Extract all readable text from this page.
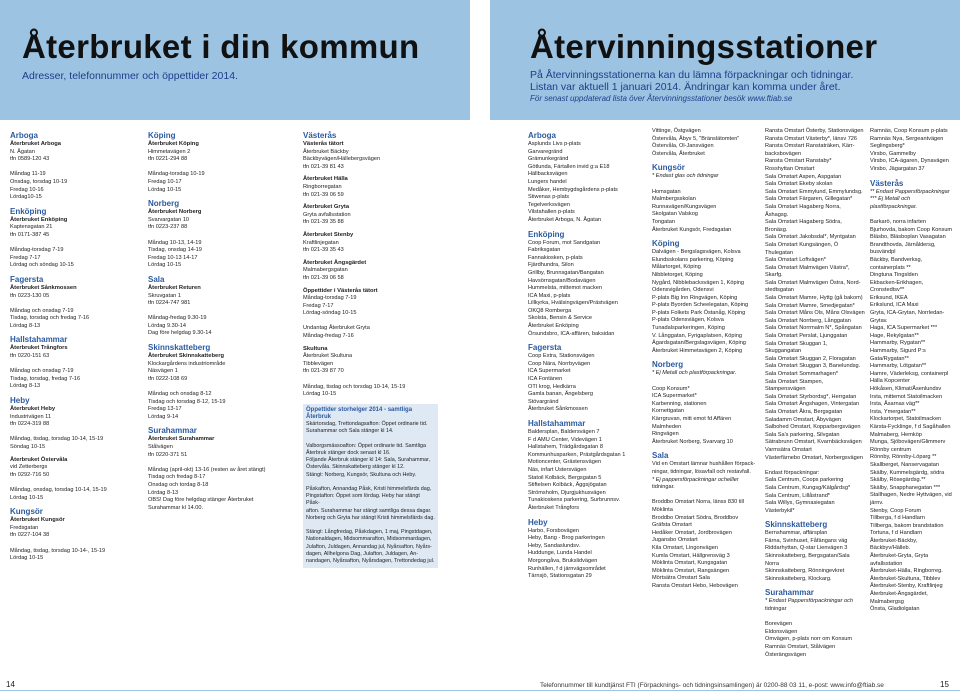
Återbruket i din kommun
Adresser, telefonnummer och öppettider 2014.
Återvinningsstationer
På Återvinningsstationerna kan du lämna förpackningar och tidningar.
Listan var aktuell 1 januari 2014. Ändringar kan komma under året.
För senast uppdaterad lista över Återvinningsstationer besök www.ftiab.se
Arboga
Återbruket Arboga

N. Ågatan

tfn 0589-120 43

Måndag 11-19

Onsdag, torsdag 10-19

Fredag 10-16

Lördag10-15

Enköping
Återbruket Enköping

Kaptensgatan 21

tfn 0171-387 45

Måndag-torsdag 7-19

Fredag 7-17

Lördag och söndag 10-15

Fagersta
Återbruket Sånkmossen

tfn 0223-130 05

Måndag och onsdag 7-19

Tisdag, torsdag och fredag 7-16

Lördag 8-13

Hallstahammar
Återbruket Trångfors

tfn 0220-151 63

Måndag och onsdag 7-19

Tisdag, torsdag, fredag 7-16

Lördag 8-13

Heby
Återbruket Heby

Industrivägen 11

tfn 0224-319 88

Måndag, tisdag, torsdag 10-14, 15-19

Söndag 10-15

Återbruket Östervåla

vid Zetterbergs

tfn 0292-716 50

Måndag, onsdag, torsdag 10-14, 15-19

Lördag 10-15

Kungsör
Återbruket Kungsör

Fredsgatan

tfn 0227-104 38

Måndag, tisdag, torsdag 10-14-, 15-19

Lördag 10-15

Köping
Återbruket Köping

Himmetavägen 2

tfn 0221-294 88

Måndag-torsdag 10-19

Fredag 10-17

Lördag 10-15

Norberg
Återbruket Norberg

Svarvargatan 10

tfn 0223-237 88

Måndag 10-13, 14-19

Tisdag, onsdag 14-19

Fredag 10-13 14-17

Lördag 10-15

Sala
Återbruket Returen

Skruvgatan 1

tfn 0224-747 981

Måndag-fredag 9.30-19

Lördag 9.30-14

Dag före helgdag 9.30-14

Skinnskatteberg
Återbruket Skinnskatteberg

Klockargårdens industriområde

Näsvägen 1

tfn 0222-108 69

Måndag och onsdag 8-12

Tisdag och torsdag 8-12, 15-19

Fredag 13-17

Lördag 9-14

Surahammar
Återbruket Surahammar

Stålvägen

tfn 0220-371 51

Måndag (april-okt) 13-16 (resten av året stängt)

Tisdag och fredag 8-17

Onsdag och tordag 8-18

Lördag 8-13

OBS! Dag före helgdag stänger Återbruket

Surahammar kl 14.00.

Västerås
Västerås tätort

Återbruket Bäckby

Bäckbyvägen/Hällebergsvägen

tfn 021-39 81 43

Återbruket Hälla

Ringborregatan

tfn 021-39 06 59

Återbruket Gryta

Gryta avfallsstation

tfn 021-39 35 88

Återbruket Stenby

Kraftlinjegatan

tfn 021-39 35 43

Återbruket Ängsgärdet

Malmabergsgatan

tfn 021-39 06 58

Öppettider i Västerås tätort

Måndag-torsdag 7-19

Fredag 7-17

Lördag-söndag 10-15

Undantag Återbruket Gryta

Måndag-fredag 7-16

Skultuna

Återbruket Skultuna

Tibblevägen

tfn 021-39 87 70

Måndag, tisdag och torsdag 10-14, 15-19

Lördag 10-15

Öppettider storhelger 2014 - samtliga Återbruk

Skärtorsdag, Trettondagsafton: Öppet ordinarie tid.

Surahammar och Sala stänger kl 14.

Valborgsmässoafton: Öppet ordinarie tid. Samtliga

Återbruk stänger dock senast kl 16.

Följande Återbruk stänger kl 14: Sala, Surahammar,

Östervåla. Skinnskatteberg stänger kl 12.

Stängt: Norberg, Kungsör, Skultuna och Heby.

Påskafton, Annandag Påsk, Kristi himmelsfärds dag,

Pingstafton: Öppet som lördag. Heby har stängt Påsk-

afton. Surahammar har stängt samtliga dessa dagar.

Norberg och Gryta har stängt Kristi himmelsfärds dag.

Stängt: Långfredag, Påskdagen, 1 maj, Pingstdagen,

Nationaldagen, Midsommarafton, Midsommardagen,

Julafton, Juldagen, Annandag jul, Nyårsafton, Nyårs-

dagen, Allhelgona Dag, Julafton, Juldagen, An-

nandagen, Nyårsafton, Nyårsdagen, Trettondedag jul.

Arboga

Asplunds Livs p-plats

Garvaregränd

Grämunkegränd

Götlunda, Färtallen invid g:a E18

Hällbacksvägen

Lungers handel

Medåker, Hembygdsgårdens p-plats

Stiwenas p-plats

Tegelverksvägen

Vilstahallen p-plats

Återbruket Arboga, N. Ågatan

Enköping

Coop Forum, mot Sandgatan

Fabriksgatan

Fannakiosken, p-plats

Fjärdhundra, Silon

Grillby, Brunnsgatan/Bangatan

Havsörnsgatan/Bodavägen

Hummelsta, mittemot macken

ICA Maxi, p-plats

Lillkyrka, Hvälsingvägen/Prästvägen

OKQ8 Romberga

Skolsta, Bensin & Service

Återbruket Enköping

Örsundsbro, ICA-affären, baksidan

Fagersta

Coop Extra, Stationsvägen

Coop Nära, Norrbyvägen

ICA Supermarket

ICA Fontänen

OTI krog, Hedkärra

Gamla banan, Ängelsberg

Stövargränd

Återbruket Sånkmossen

Hallstahammar

Baldersplan, Baldersvägen 7

F d AMU Center, Videvägen 1

Hallstahem, Trädgårdsgatan 8

Kommunhusparken, Prästgårdsgatan 1

Motioncenter, Grästensvägen

Näs, infart Ustersvägen

Statoil Kolbäck, Bergsgatan 5

Stiftelsen Kolbäck, Äggsjögatan

Strömsholm, Djurgjukhusvägen

Tunakioskens parkering, Surbrunnsv.

Återbruket Trångfors

Heby

Harbo, Forsbovägen

Heby, Bang - Brog parkeringen

Heby, Sandaslundsv.

Huddunge, Lunda Handel

Morgongåva, Brukslidvägen

Runhällen, f d järnvägsområdet

Tärnsjö, Stationsgatan 29

Vittinge, Östgvägen

Östervåla, Åbyv 5, "Bränslätomten"

Östervåla, Ol-Jansvägen

Östervåla, Återbruket

Kungsör

* Endast glas och tidningar

Homsgatan

Malmbergsskolan

Runnavägen/Kungsvägen

Skolgatan Valskog

Tongatan

Återbruket Kungsör, Fredsgatan

Köping

Dalvägen - Bergslagsvägen, Kolsva

Elundsskolans parkering, Köping

Målartorget, Köping

Nibbletorget, Köping

Nygård, Nibblebacksvägen 1, Köping

Odensvigården, Odensvi

P-plats Big Inn Ringvägen, Köping

P-plats Byorden Scheelegatan, Köping

P-plats Folkets Park Östanåg, Köping

P-plats Odensviägen, Kolsva

Tunadalsparkeringen, Köping

V. Långgatan, Fyrigaplatsen, Köping

Ägardsgatan/Bergslagsvägen, Köping

Återbruket Himmetavägen 2, Köping

Norberg

* Ej Metall och plastförpackningar.

Coop Konsum*

ICA Supermarket*

Karbenning, stationen

Kornettgatan

Kärrgruvan, mitt emot fd Affären

Malmheden

Ringvägen

Återbruket Norberg, Svarvarg 10

Sala

Vid en Omstart lämnar hushållen förpack-

ningar, tidningar, lösavfall och restavfall.

* Ej pappersförpackningar ochelller

tidningar.

Broddbo Omstart Norra, länss 830 till

Möklinta

Broddbo Omstart Södra, Broddbov

Gräfsta Omstart

Hedåker Omstart, Jordbrovägen

Jugansbo Omstart

Kila Omstart, Lingonvägen

Kumla Omstart, Hällgrensväg 3

Möklinta Omstart, Kungsgatan

Möklinta Omstart, Rangsängen

Mörtsätra Omstart Sala

Ransta Omstart Hebo, Hebovägen

Ransta Omstart Österby, Stationsvägen

Ransta Omstart Västerby*, länsv 726

Ransta Omstart Ranstaträken, Kärr-

backsbovägen

Ransta Omstart Ranstaby*

Rosshyttan Omstart

Sala Omstart Aspen, Aspgatan

Sala Omstart Ekeby skolan

Sala Omstart Emmylund, Emmylundsg.

Sala Omstart Färgaren, Gillegatan*

Sala Omstart Hagaberg Norra, Åshagsg.

Sala Omstart Hagaberg Södra, Bronäsg.

Sala Omstart Jakobsdal*, Myntgatan

Sala Omstart Kungsängen, Ö Thulegatan

Sala Omstart Loftvägen*

Sala Omstart Malmvägen Västra*, Skarfg.

Sala Omstart Malmvägen Östra, Nord-

stedtsgatan

Sala Omstart Mamre, Hyttg (gå bakom)

Sala Omstart Mamre, Smedjegatan*

Sala Omstart Måns Ols, Måns Olsvägen

Sala Omstart Norrberg, Långgatan

Sala Omstart Norrmalm N*, Spångatan

Sala Omstart Perslat, Ljunggatan

Sala Omstart Skuggan 1, Skuggangatan

Sala Omstart Skuggan 2, Floragatan

Sala Omstart Skuggan 3, Banelundsg.

Sala Omstart Sommarhagen*

Sala Omstart Stampen, Stampensvägen

Sala Omstart Styrbordsg*, Herrgatan

Sala Omstart Ängshagen, Vintergatan

Sala Omstart Åkra, Bergsgatan

Saladamm Omstart, Åbyvägen

Salbohed Omstart, Kopparbergsvägen

Sala Sa's parkering, Silvgatan

Sätrabrunn Omstart, Kvarnbäcksvägen

Varmsätra Omstart

Västerfärnebo Omstart, Norbergsvägen

Endast förpackningar:

Sala Centrum, Coops parkering

Sala Centrum, Kungsg/Kälgårdsg*

Sala Centrum, Lillåstrand*

Sala Willys, Gymnasiegatan

Västerbykil*

Skinnskatteberg

Bernshammar, affärsplan

Färna, Svinhuset, Fåfängans väg

Riddarhyttan, Q-star Lienvägen 3

Skinnskatteberg, Bergsgatan/Sala Norra

Skinnskatteberg, Rönningevkret

Skinnskatteberg, Klockarg.

Surahammar

* Endast Pappersförpackningar och

tidningar

Borevägen

Eldonsvägen

Omvägen, p-plats norr om Konsum

Ramnäs Omstart, Stålvägen

Österängsvägen

Ramnäs, Coop Konsum p-plats

Ramnäs Nya, Sergeantvägen

Seglingsberg*

Virsbo, Gammelby

Virsbo, ICA-ägaren, Dynavägen

Virsbo, Jägargatan 37

Västerås

** Endast Pappersförpackningar

*** Ej Metall och plastförpackningar.

Barkarö, norra infarten

Bjurhovda, bakom Coop Konsum

Bläsbo, Bläsboplan Vasagatan

Brandthovda, Järnåldersg, busvändpl

Bäckby, Bandverksg, containerplats **

Dingtuna Tingslden

Ekbacken-Erikhagen, Cronstedtsv**

Eriksund, IKEA

Erikslund, ICA Maxi

Gryta, ICA-Grytan, Norrledan-Grytav.

Haga, ICA Supermarket ***

Hage, Rekylgatan**

Hammarby, Rygatan**

Hammarby, Sigurd P:s Gata/Rygatan**

Hammarby, Lötgatan**

Hamre, Väderleksg, containerpl

Hälla Kopcenter

Hökåsen, Klimat/Åsenlundsv

Irsta, mittemot Statoilmacken

Irsta, Åsarnas väg**

Irsta, Ymergatan**

Klockartorpet, Statoilmacken

Kärsta-Fycklinge, f d Sagåhallen

Malmaberg, Hemköp

Munga, Sjöbovägen/Glimmerv

Rönnby centrum

Rönnby, Rönnby-Löparg **

Skallberget, Nanservagatan

Skälby, Kummelsgärdg, södra

Skälby, Rösegärdsg.**

Skälby, Snapphanegatan ***

Stallhagen, Nedre Hyttvägen, vid järnv.

Stenby, Coop Forum

Tillberga, f d Handlarn

Tillberga, bakom brandstation

Tortuna, f d Handlarn

Återbruket-Bäckby, Bäckbyv/Hälleb.

Återbruket-Gryta, Gryta avfallsstation

Återbruket-Hälla, Ringborreg.

Återbruket-Skultuna, Tibblev

Återbruket-Stenby, Kraftlinjeg

Återbruket-Ängsgärdet, Malmabergsg

Önsta, Gladiolgatan

14	Telefonnummer till kundtjänst FTI (Förpacknings- och tidningsinsamlingen) är 0200-88 03 11, e-post: www.info@ftiab.se	15
